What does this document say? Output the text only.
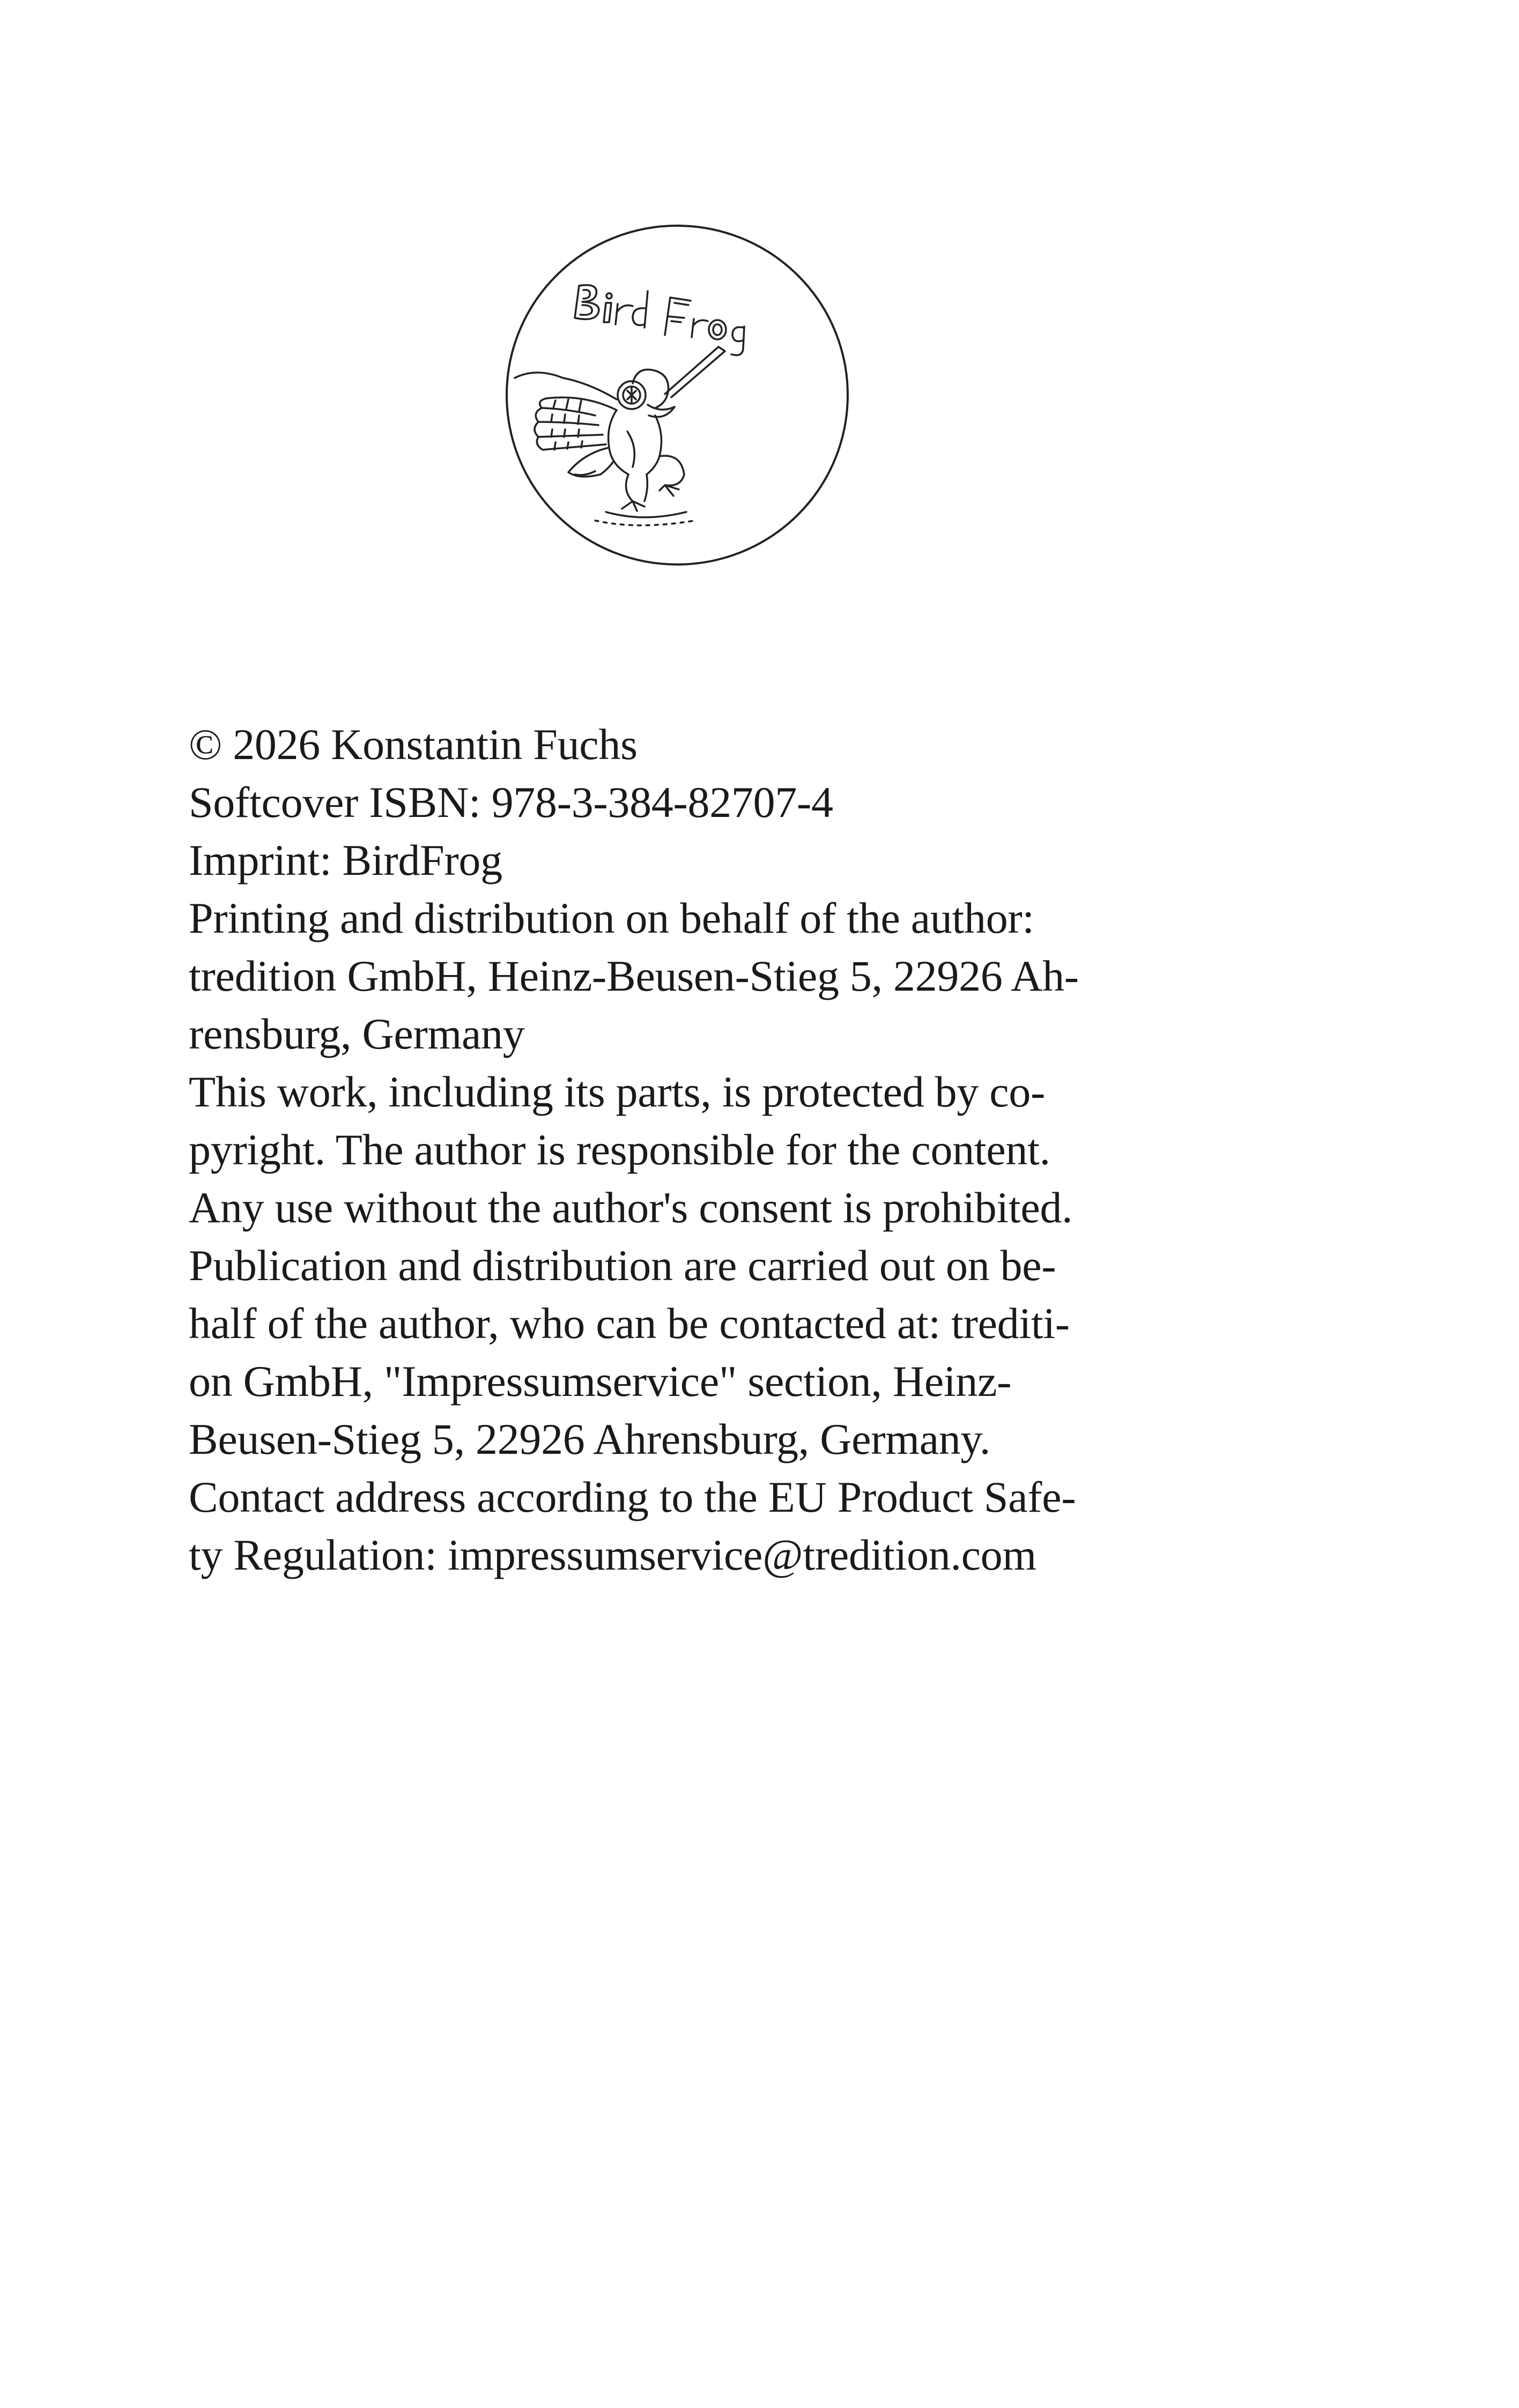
© 2026 Konstantin Fuchs
Softcover ISBN: 978-3-384-82707-4
Imprint: BirdFrog
Printing and distribution on behalf of the author:
tredition GmbH, Heinz-Beusen-Stieg 5, 22926 Ah-
rensburg, Germany
This work, including its parts, is protected by co-
pyright. The author is responsible for the content.
Any use without the author's consent is prohibited.
Publication and distribution are carried out on be-
half of the author, who can be contacted at: trediti-
on GmbH, "Impressumservice" section, Heinz-
Beusen-Stieg 5, 22926 Ahrensburg, Germany.
Contact address according to the EU Product Safe-
ty Regulation: impressumservice@tredition.com
